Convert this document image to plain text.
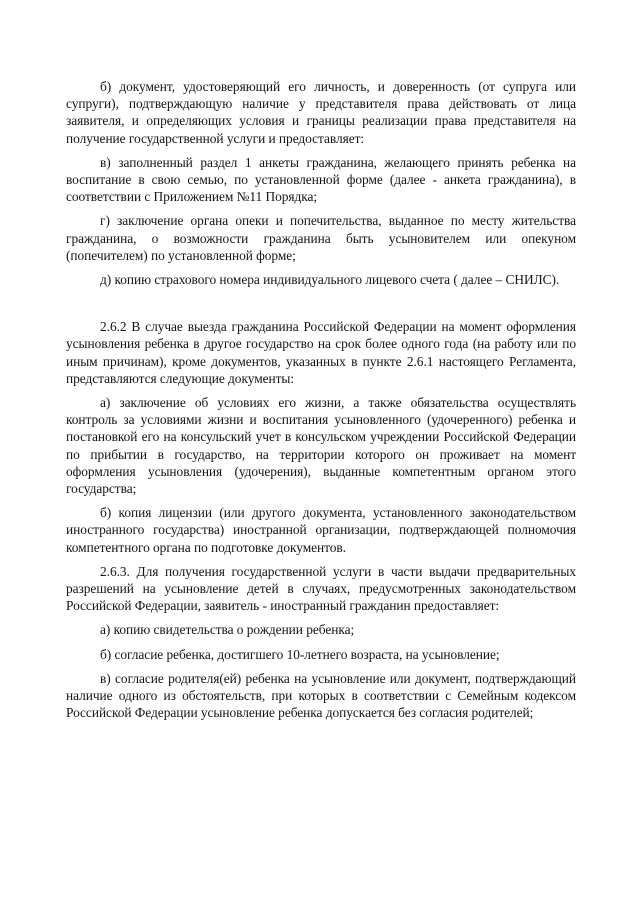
б) документ, удостоверяющий его личность, и доверенность (от супруга или супруги), подтверждающую наличие у представителя права действовать от лица заявителя, и определяющих условия и границы реализации права представителя на получение государственной услуги и предоставляет:

в) заполненный раздел 1 анкеты гражданина, желающего принять ребенка на воспитание в свою семью, по установленной форме (далее - анкета гражданина), в соответствии с Приложением №11 Порядка;

г) заключение органа опеки и попечительства, выданное по месту жительства гражданина, о возможности гражданина быть усыновителем или опекуном (попечителем) по установленной форме;

д) копию страхового номера индивидуального лицевого счета ( далее – СНИЛС).

2.6.2 В случае выезда гражданина Российской Федерации на момент оформления усыновления ребенка в другое государство на срок более одного года (на работу или по иным причинам), кроме документов, указанных в пункте 2.6.1 настоящего Регламента, представляются следующие документы:

а) заключение об условиях его жизни, а также обязательства осуществлять контроль за условиями жизни и воспитания усыновленного (удочеренного) ребенка и постановкой его на консульский учет в консульском учреждении Российской Федерации по прибытии в государство, на территории которого он проживает на момент оформления усыновления (удочерения), выданные компетентным органом этого государства;

б) копия лицензии (или другого документа, установленного законодательством иностранного государства) иностранной организации, подтверждающей полномочия компетентного органа по подготовке документов.

2.6.3. Для получения государственной услуги в части выдачи предварительных разрешений на усыновление детей в случаях, предусмотренных законодательством Российской Федерации, заявитель - иностранный гражданин предоставляет:

а) копию свидетельства о рождении ребенка;

б) согласие ребенка, достигшего 10-летнего возраста, на усыновление;

в) согласие родителя(ей) ребенка на усыновление или документ, подтверждающий наличие одного из обстоятельств, при которых в соответствии с Семейным кодексом Российской Федерации усыновление ребенка допускается без согласия родителей;
